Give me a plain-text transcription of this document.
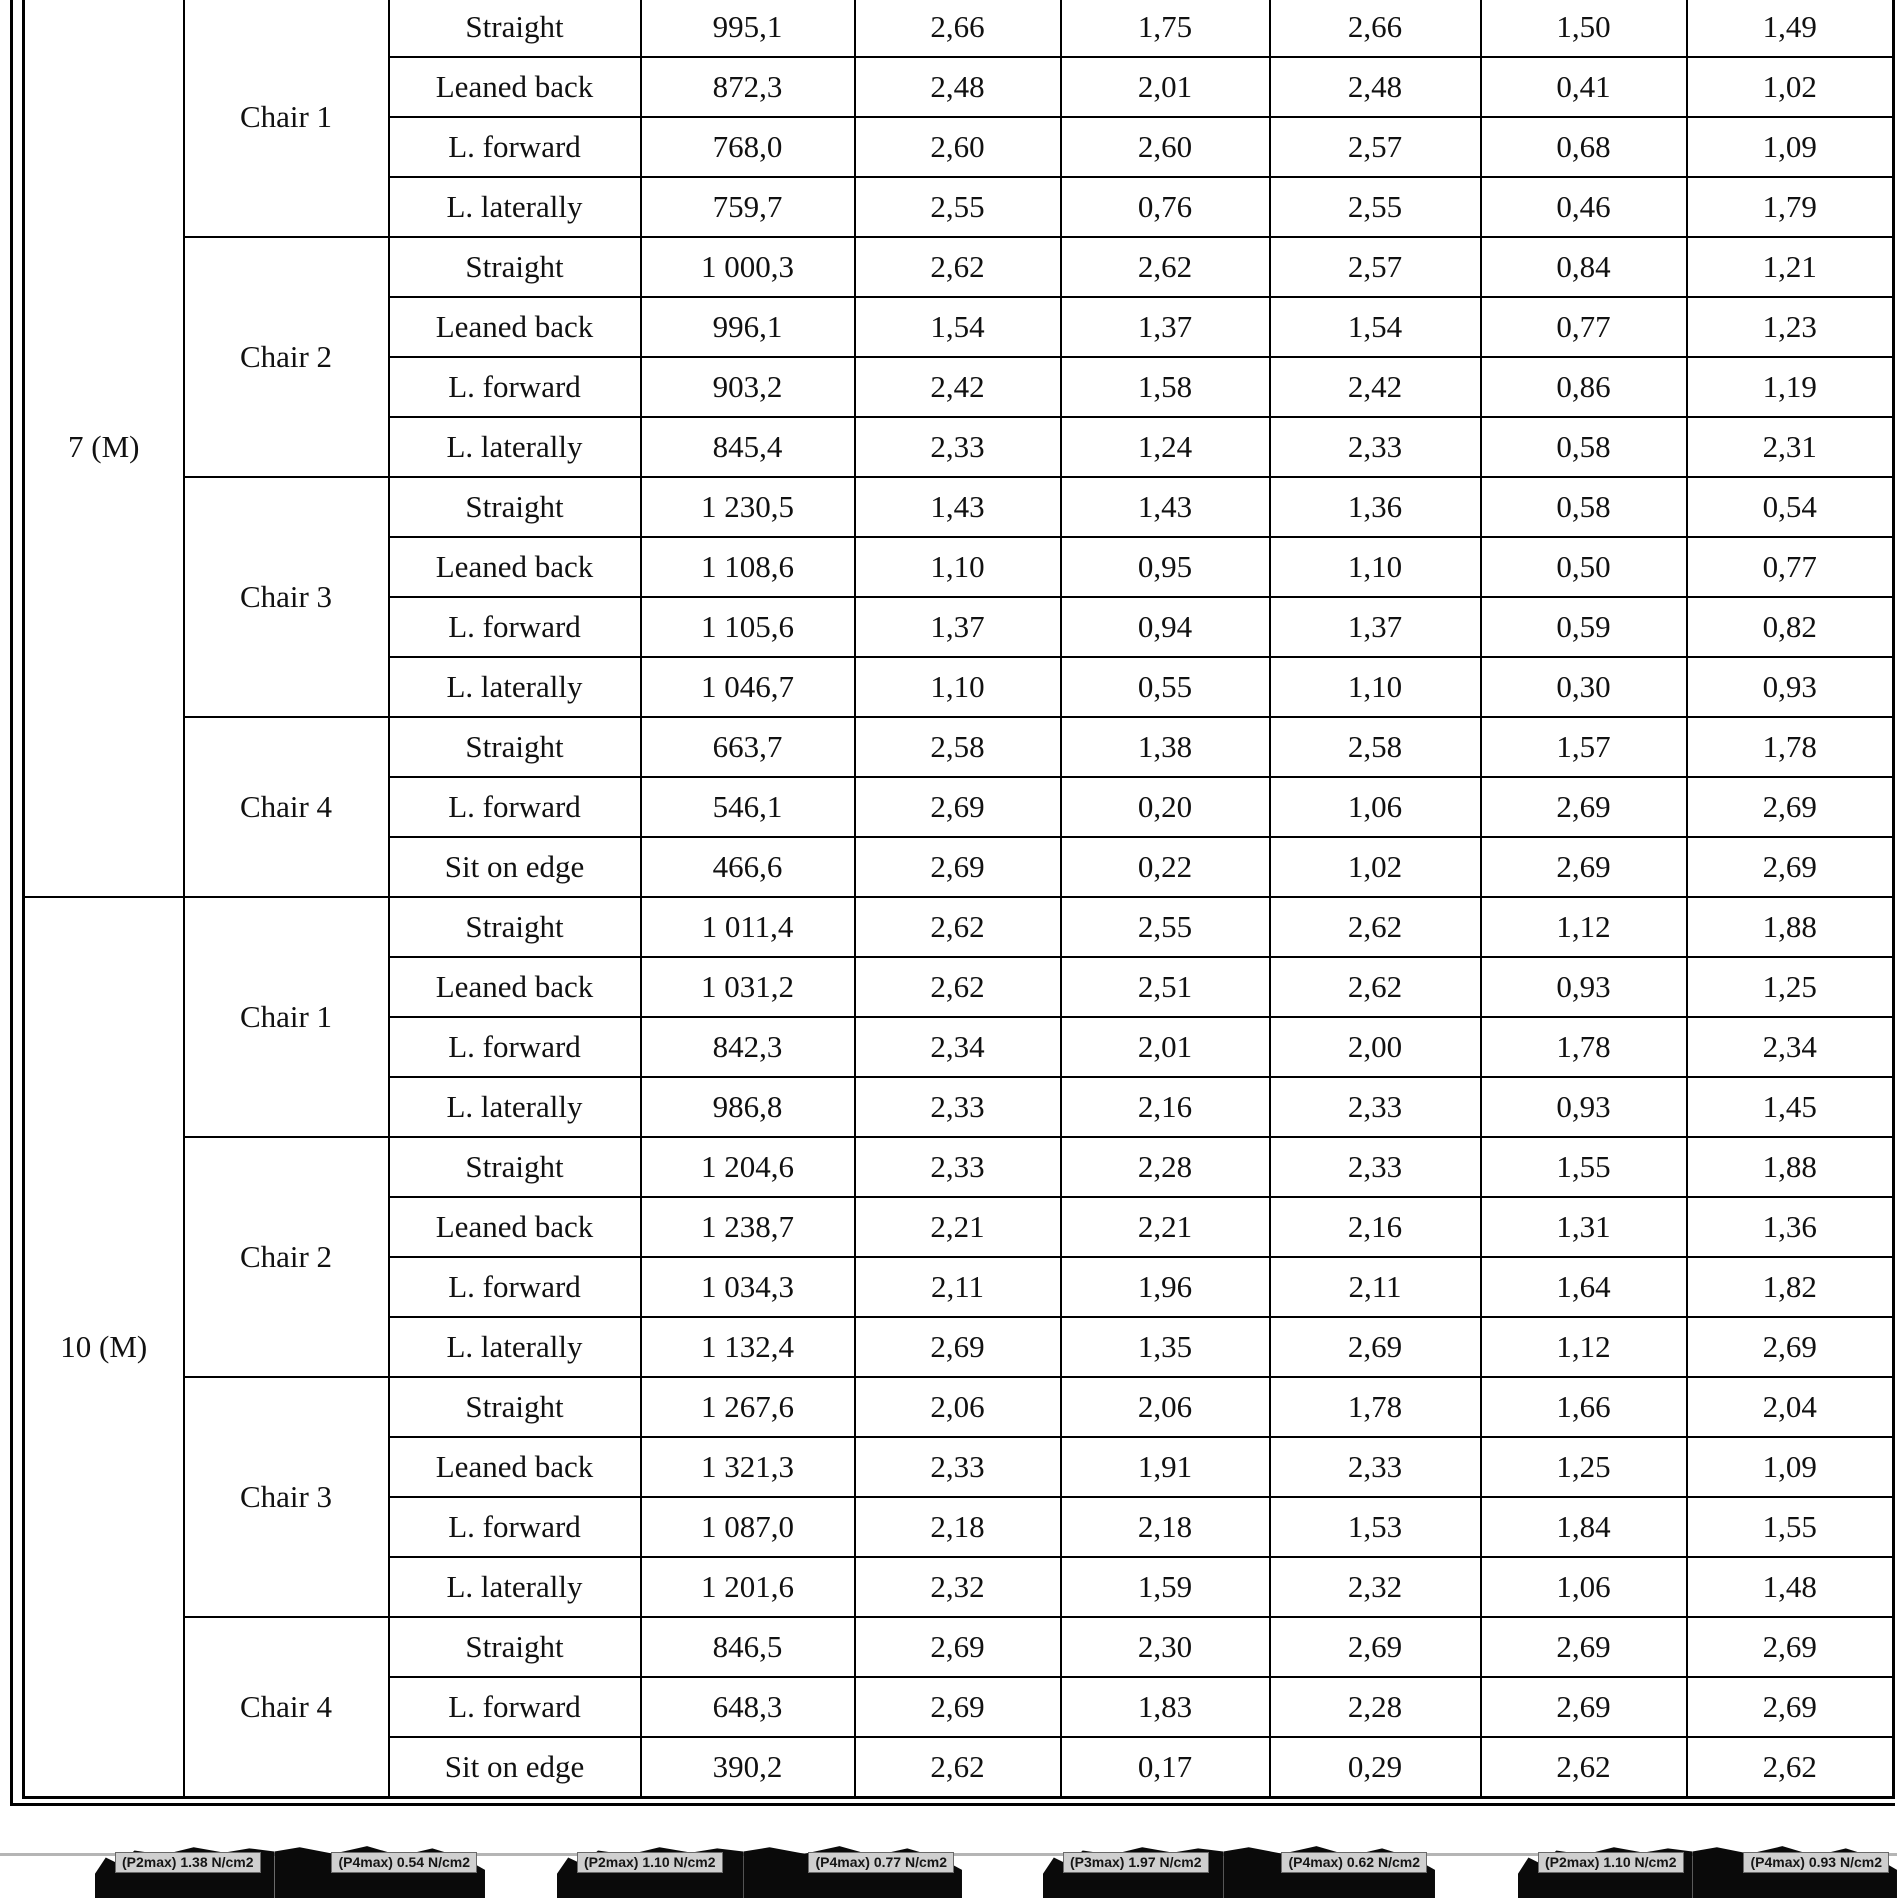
7 (M)	Chair 1	Straight	995,1	2,66	1,75	2,66	1,50	1,49
		Leaned back	872,3	2,48	2,01	2,48	0,41	1,02
		L. forward	768,0	2,60	2,60	2,57	0,68	1,09
		L. laterally	759,7	2,55	0,76	2,55	0,46	1,79
	Chair 2	Straight	1 000,3	2,62	2,62	2,57	0,84	1,21
		Leaned back	996,1	1,54	1,37	1,54	0,77	1,23
		L. forward	903,2	2,42	1,58	2,42	0,86	1,19
		L. laterally	845,4	2,33	1,24	2,33	0,58	2,31
	Chair 3	Straight	1 230,5	1,43	1,43	1,36	0,58	0,54
		Leaned back	1 108,6	1,10	0,95	1,10	0,50	0,77
		L. forward	1 105,6	1,37	0,94	1,37	0,59	0,82
		L. laterally	1 046,7	1,10	0,55	1,10	0,30	0,93
	Chair 4	Straight	663,7	2,58	1,38	2,58	1,57	1,78
		L. forward	546,1	2,69	0,20	1,06	2,69	2,69
		Sit on edge	466,6	2,69	0,22	1,02	2,69	2,69
10 (M)	Chair 1	Straight	1 011,4	2,62	2,55	2,62	1,12	1,88
		Leaned back	1 031,2	2,62	2,51	2,62	0,93	1,25
		L. forward	842,3	2,34	2,01	2,00	1,78	2,34
		L. laterally	986,8	2,33	2,16	2,33	0,93	1,45
	Chair 2	Straight	1 204,6	2,33	2,28	2,33	1,55	1,88
		Leaned back	1 238,7	2,21	2,21	2,16	1,31	1,36
		L. forward	1 034,3	2,11	1,96	2,11	1,64	1,82
		L. laterally	1 132,4	2,69	1,35	2,69	1,12	2,69
	Chair 3	Straight	1 267,6	2,06	2,06	1,78	1,66	2,04
		Leaned back	1 321,3	2,33	1,91	2,33	1,25	1,09
		L. forward	1 087,0	2,18	2,18	1,53	1,84	1,55
		L. laterally	1 201,6	2,32	1,59	2,32	1,06	1,48
	Chair 4	Straight	846,5	2,69	2,30	2,69	2,69	2,69
		L. forward	648,3	2,69	1,83	2,28	2,69	2,69
		Sit on edge	390,2	2,62	0,17	0,29	2,62	2,62
(P2max) 1.38 N/cm2	(P4max) 0.54 N/cm2	(P2max) 1.10 N/cm2	(P4max) 0.77 N/cm2	(P3max) 1.97 N/cm2	(P4max) 0.62 N/cm2	(P2max) 1.10 N/cm2	(P4max) 0.93 N/cm2
